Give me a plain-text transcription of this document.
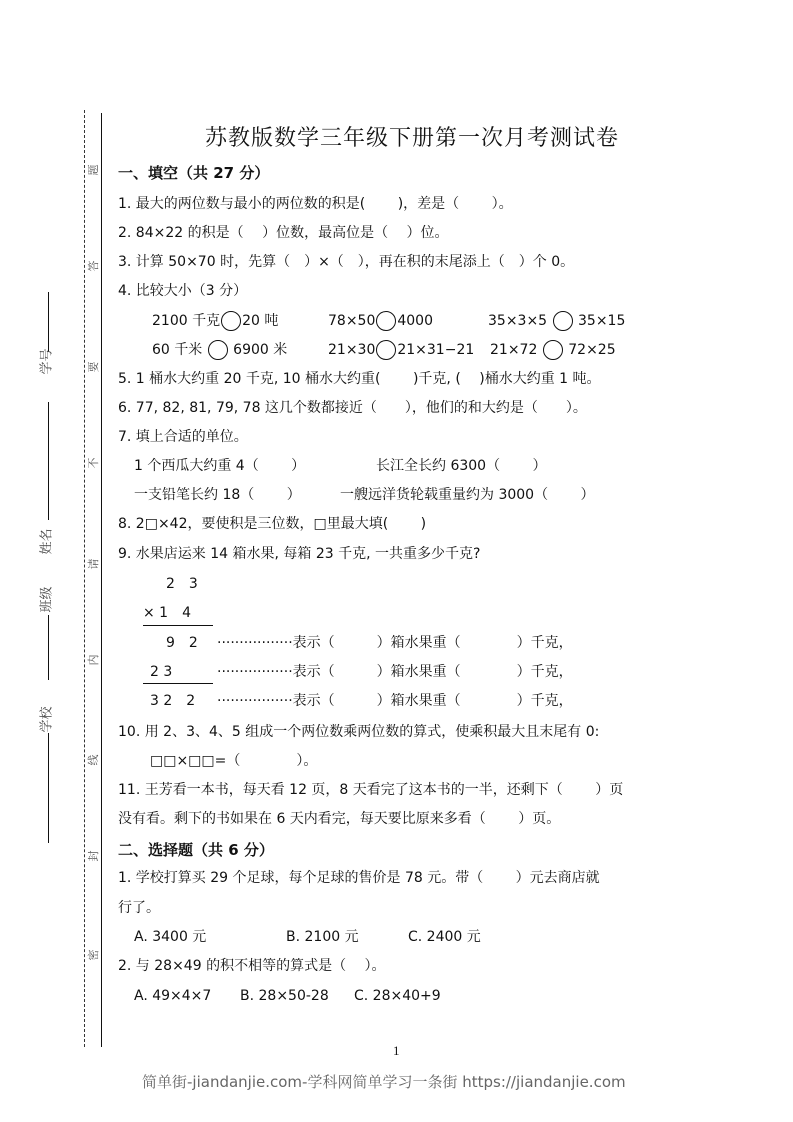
题
答
要
不
请
内
线
封
密
学号
姓名
班级
学校
苏教版数学三年级下册第一次月考测试卷
一、填空（共 27 分）
1. 最大的两位数与最小的两位数的积是(　　 )，差是（　　 ）。
2. 84×22 的积是（　 ）位数，最高位是（　 ）位。
3. 计算 50×70 时，先算（　）×（　），再在积的末尾添上（　）个 0。
4. 比较大小（3 分）
2100 千克 20 吨	78×50 4000	35×3×5 35×15
60 千米 6900 米	21×30 21×31−21 21×72 72×25
5. 1 桶水大约重 20 千克, 10 桶水大约重(　　 )千克, (　 )桶水大约重 1 吨。
6. 77, 82, 81, 79, 78 这几个数都接近（　　），他们的和大约是（　　）。
7. 填上合适的单位。
1 个西瓜大约重 4（　　 ）	长江全长约 6300（　　 ）
一支铅笔长约 18（　　 ）	一艘远洋货轮载重量约为 3000（　　 ）
8. 2□×42，要使积是三位数，□里最大填(　　 )
9. 水果店运来 14 箱水果, 每箱 23 千克, 一共重多少千克?
2　3
× 1　4
9　2 ·················表示（　　　）箱水果重（　　　　）千克，
2 3	·················表示（　　　）箱水果重（　　　　）千克，
3 2　2 ·················表示（　　　）箱水果重（　　　　）千克，
10. 用 2、3、4、5 组成一个两位数乘两位数的算式，使乘积最大且末尾有 0:
□□×□□=（　　　　）。
11. 王芳看一本书，每天看 12 页，8 天看完了这本书的一半，还剩下（　　 ）页
没有看。剩下的书如果在 6 天内看完，每天要比原来多看（　　 ）页。
二、选择题（共 6 分）
1. 学校打算买 29 个足球，每个足球的售价是 78 元。带（　　 ）元去商店就
行了。
A. 3400 元	B. 2100 元	C. 2400 元
2. 与 28×49 的积不相等的算式是（　 ）。
A. 49×4×7 B. 28×50-28 C. 28×40+9
1
简单街-jiandanjie.com-学科网简单学习一条街 https://jiandanjie.com
